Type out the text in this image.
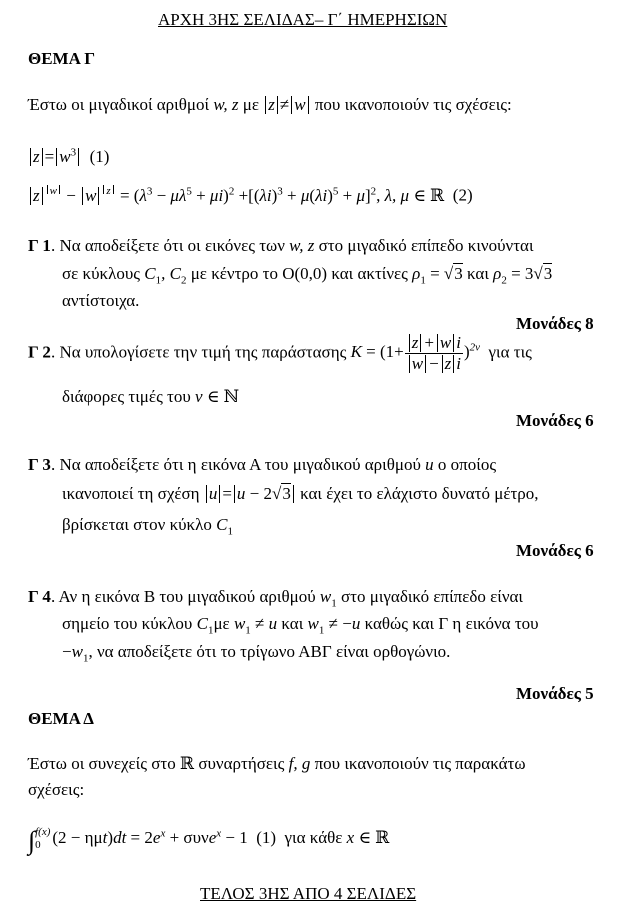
ΑΡΧΗ 3ΗΣ ΣΕΛΙΔΑΣ– Γ΄ ΗΜΕΡΗΣΙΩΝ
ΘΕΜΑ Γ
Έστω οι μιγαδικοί αριθμοί w, z με z ≠ w που ικανοποιούν τις σχέσεις:
$z = w^3$ (1)
z $^w$ − w $^z = (\lambda^3 - \mu\lambda^5 + \mu i)^2 +[(\lambda i)^3 + \mu(\lambda i)^5 + \mu]^2$, λ, μ ∈ ℝ (2)
Γ 1. Να αποδείξετε ότι οι εικόνες των w, z στο μιγαδικό επίπεδο κινούνται
σε κύκλους $C_1$, $C_2$ με κέντρο το Ο(0,0) και ακτίνες $\rho_1 = √3$ και $\rho_2 = 3√3$
αντίστοιχα.
Μονάδες 8
Γ 2. Να υπολογίσετε την τιμή της παράστασης $K = (1+ \frac{\text{z + w i}}{\text{w − z i}} )^{2\nu}$ για τις
διάφορες τιμές του ν ∈ ℕ
Μονάδες 6
Γ 3. Να αποδείξετε ότι η εικόνα Α του μιγαδικού αριθμού u ο οποίος
ικανοποιεί τη σχέση u = u − 2√3 και έχει το ελάχιστο δυνατό μέτρο,
βρίσκεται στον κύκλο $C_1$
Μονάδες 6
Γ 4. Αν η εικόνα Β του μιγαδικού αριθμού $w_1$ στο μιγαδικό επίπεδο είναι
σημείο του κύκλου $C_1\mu\varepsilon$ $w_1 \ne u$ και $w_1 \ne -u$ καθώς και Γ η εικόνα του
$-w_1$, να αποδείξετε ότι το τρίγωνο ΑΒΓ είναι ορθογώνιο.
Μονάδες 5
ΘΕΜΑ Δ
Έστω οι συνεχείς στο ℝ συναρτήσεις f, g που ικανοποιούν τις παρακάτω
σχέσεις:
∫ f(x)
0 $(2 - \eta\mu t)dt = 2e^x + \sigma\upsilon\nu e^x - 1$ (1) για κάθε x ∈ ℝ
ΤΕΛΟΣ 3ΗΣ ΑΠΟ 4 ΣΕΛΙΔΕΣ
